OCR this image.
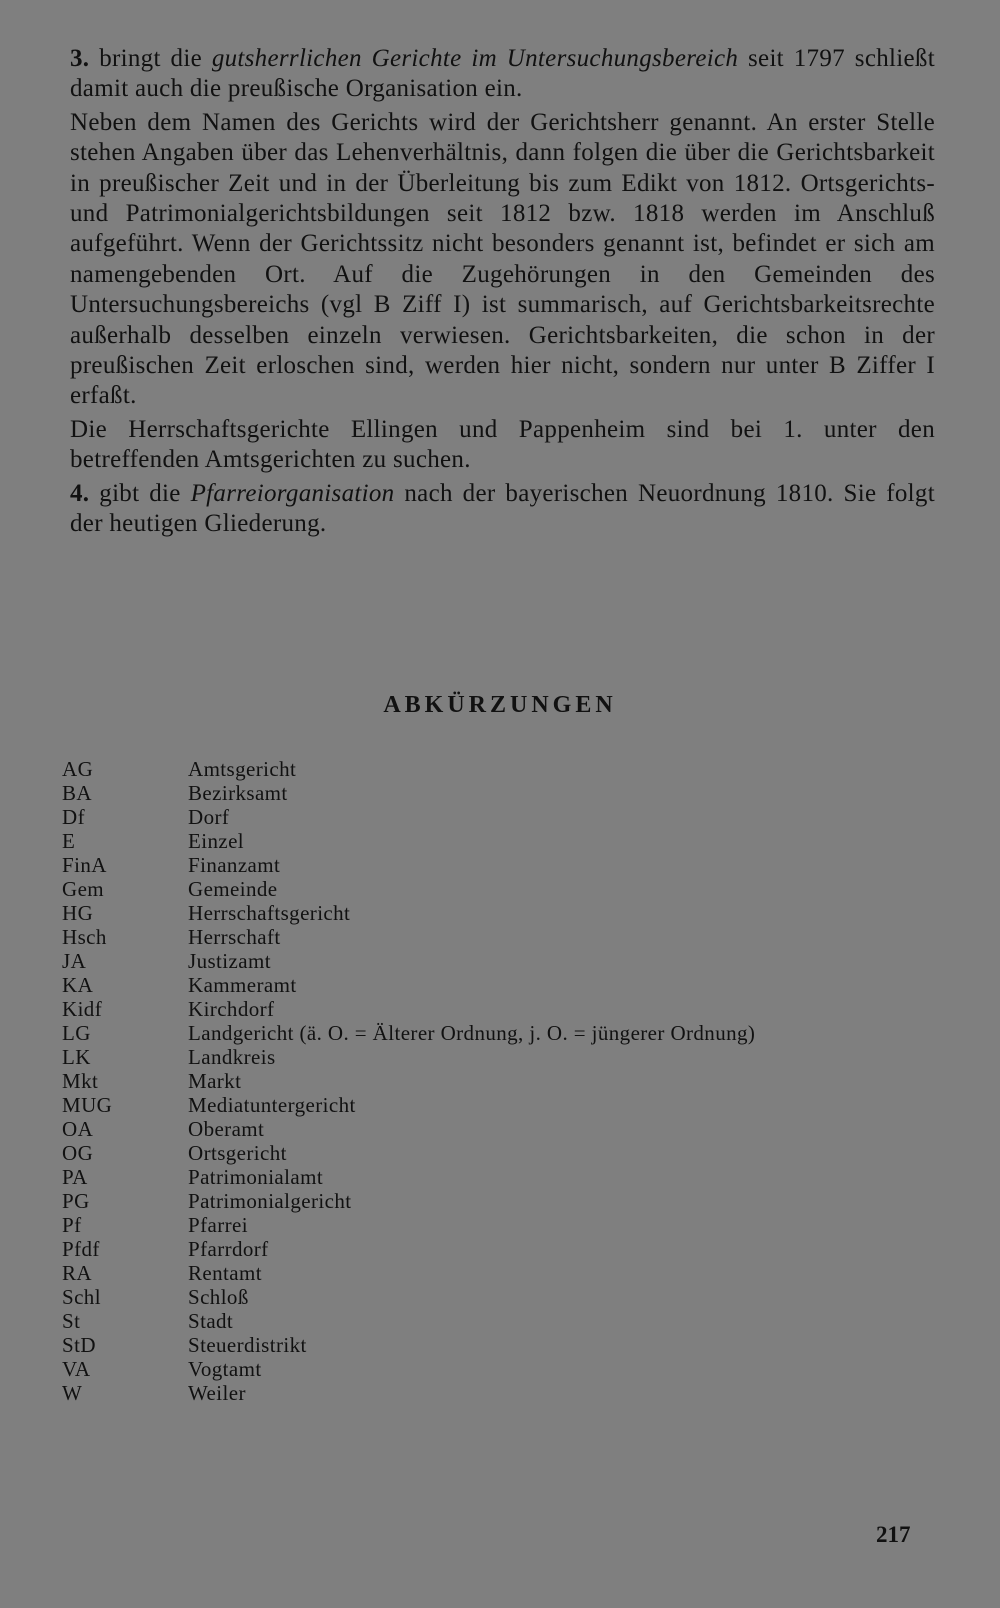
3. bringt die gutsherrlichen Gerichte im Untersuchungsbereich seit 1797 schließt damit auch die preußische Organisation ein.

Neben dem Namen des Gerichts wird der Gerichtsherr genannt. An erster Stelle stehen Angaben über das Lehenverhältnis, dann folgen die über die Gerichtsbarkeit in preußischer Zeit und in der Überleitung bis zum Edikt von 1812. Ortsgerichts- und Patrimonialgerichtsbildungen seit 1812 bzw. 1818 werden im Anschluß aufgeführt. Wenn der Gerichtssitz nicht besonders genannt ist, befindet er sich am namengebenden Ort. Auf die Zugehörungen in den Gemeinden des Untersuchungsbereichs (vgl B Ziff I) ist summarisch, auf Gerichtsbarkeitsrechte außerhalb desselben einzeln verwiesen. Gerichtsbarkeiten, die schon in der preußischen Zeit erloschen sind, werden hier nicht, sondern nur unter B Ziffer I erfaßt.

Die Herrschaftsgerichte Ellingen und Pappenheim sind bei 1. unter den betreffenden Amtsgerichten zu suchen.

4. gibt die Pfarreiorganisation nach der bayerischen Neuordnung 1810. Sie folgt der heutigen Gliederung.

ABKÜRZUNGEN
AG	Amtsgericht
BA	Bezirksamt
Df	Dorf
E	Einzel
FinA	Finanzamt
Gem	Gemeinde
HG	Herrschaftsgericht
Hsch	Herrschaft
JA	Justizamt
KA	Kammeramt
Kidf	Kirchdorf
LG	Landgericht (ä. O. = Älterer Ordnung, j. O. = jüngerer Ordnung)
LK	Landkreis
Mkt	Markt
MUG	Mediatuntergericht
OA	Oberamt
OG	Ortsgericht
PA	Patrimonialamt
PG	Patrimonialgericht
Pf	Pfarrei
Pfdf	Pfarrdorf
RA	Rentamt
Schl	Schloß
St	Stadt
StD	Steuerdistrikt
VA	Vogtamt
W	Weiler
217
